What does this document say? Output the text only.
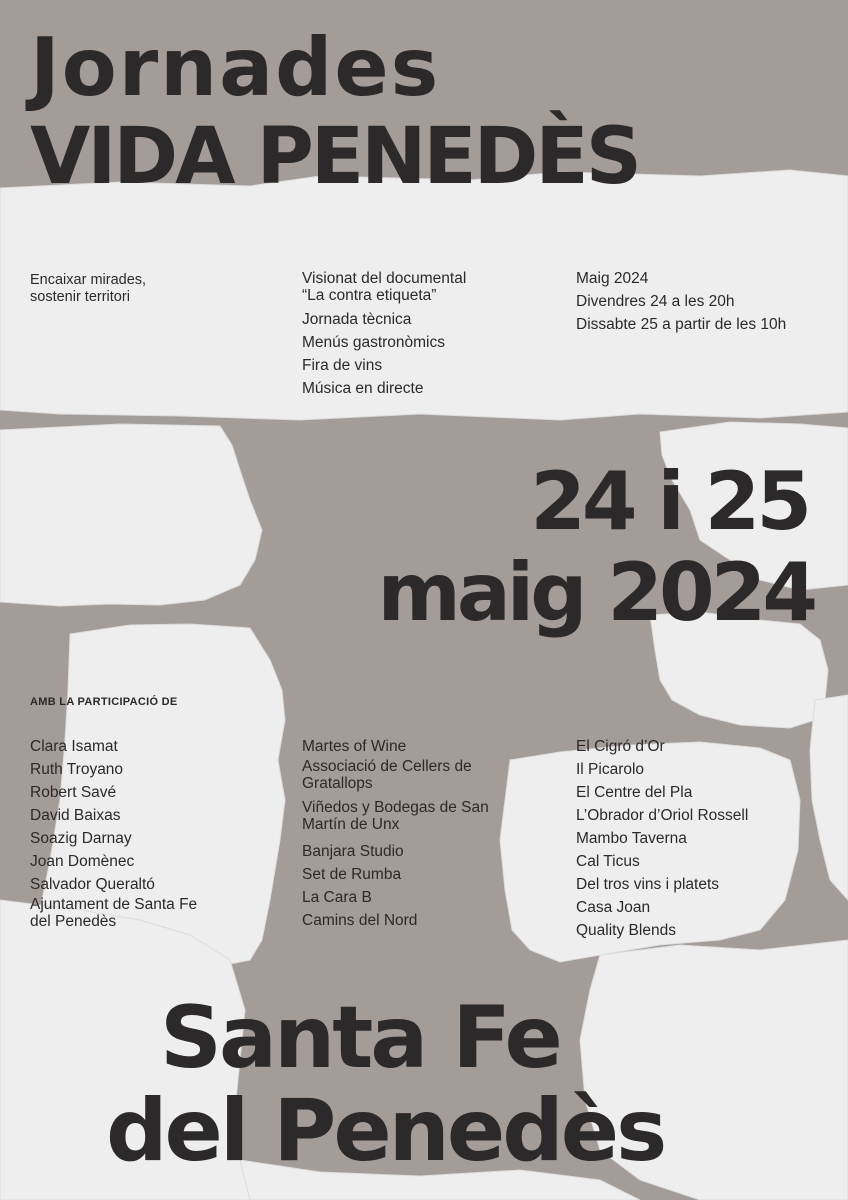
Jornades
VIDA PENEDÈS
Encaixar mirades,
sostenir territori
Visionat del documental
“La contra etiqueta”
Jornada tècnica
Menús gastronòmics
Fira de vins
Música en directe
Maig 2024
Divendres 24 a les 20h
Dissabte 25 a partir de les 10h
24 i 25
maig 2024
AMB LA PARTICIPACIÓ DE
Clara Isamat
Ruth Troyano
Robert Savé
David Baixas
Soazig Darnay
Joan Domènec
Salvador Queraltó
Ajuntament de Santa Fe
del Penedès
Martes of Wine
Associació de Cellers de
Gratallops
Viñedos y Bodegas de San
Martín de Unx
Banjara Studio
Set de Rumba
La Cara B
Camins del Nord
El Cigró d’Or
Il Picarolo
El Centre del Pla
L’Obrador d’Oriol Rossell
Mambo Taverna
Cal Ticus
Del tros vins i platets
Casa Joan
Quality Blends
Santa Fe
del Penedès
